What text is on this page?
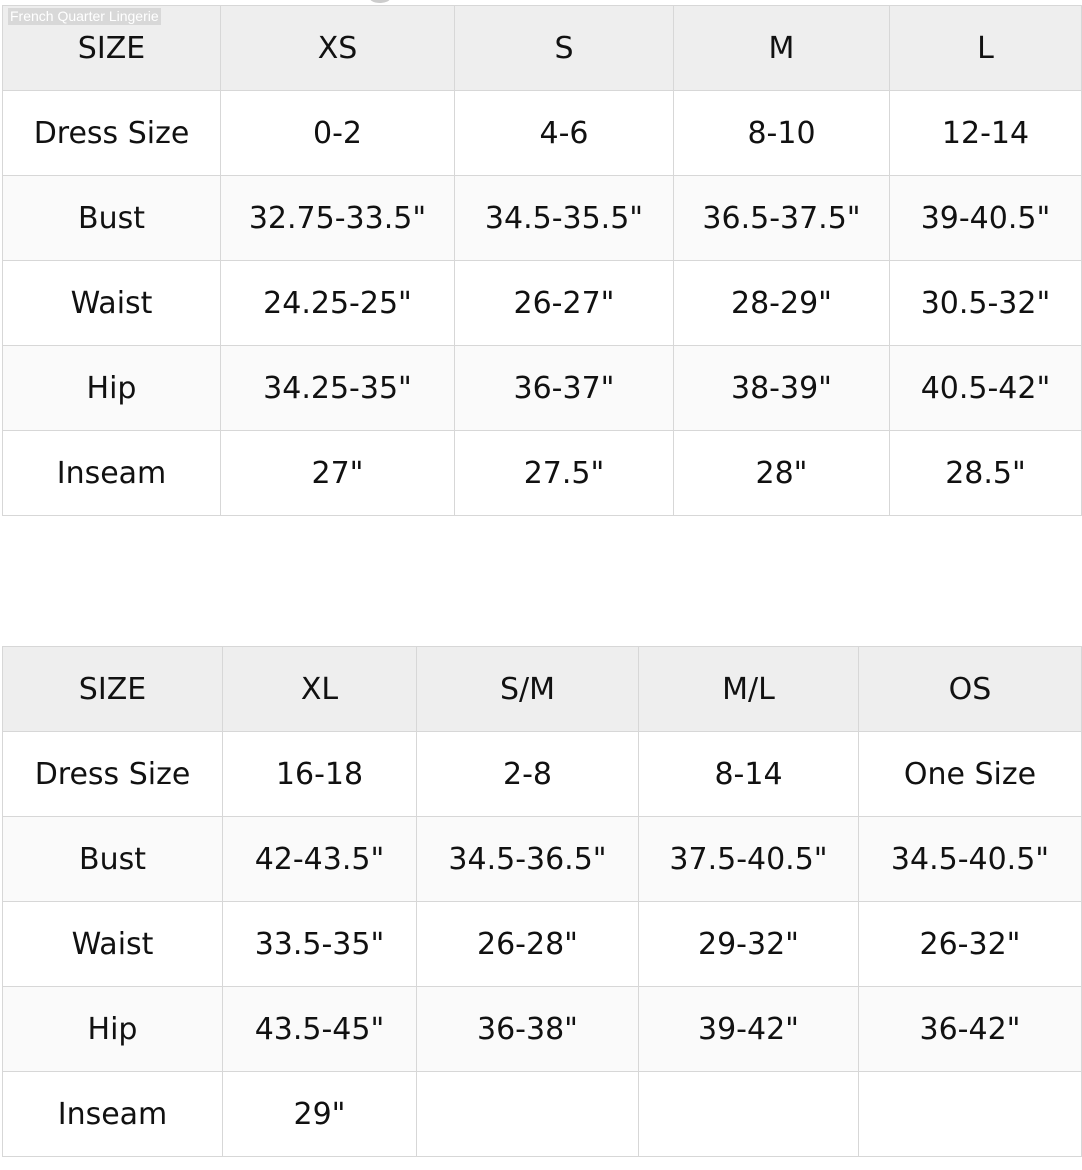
French Quarter Lingerie
SIZE	XS	S	M	L
Dress Size	0-2	4-6	8-10	12-14
Bust	32.75-33.5"	34.5-35.5"	36.5-37.5"	39-40.5"
Waist	24.25-25"	26-27"	28-29"	30.5-32"
Hip	34.25-35"	36-37"	38-39"	40.5-42"
Inseam	27"	27.5"	28"	28.5"
SIZE	XL	S/M	M/L	OS
Dress Size	16-18	2-8	8-14	One Size
Bust	42-43.5"	34.5-36.5"	37.5-40.5"	34.5-40.5"
Waist	33.5-35"	26-28"	29-32"	26-32"
Hip	43.5-45"	36-38"	39-42"	36-42"
Inseam	29"			
